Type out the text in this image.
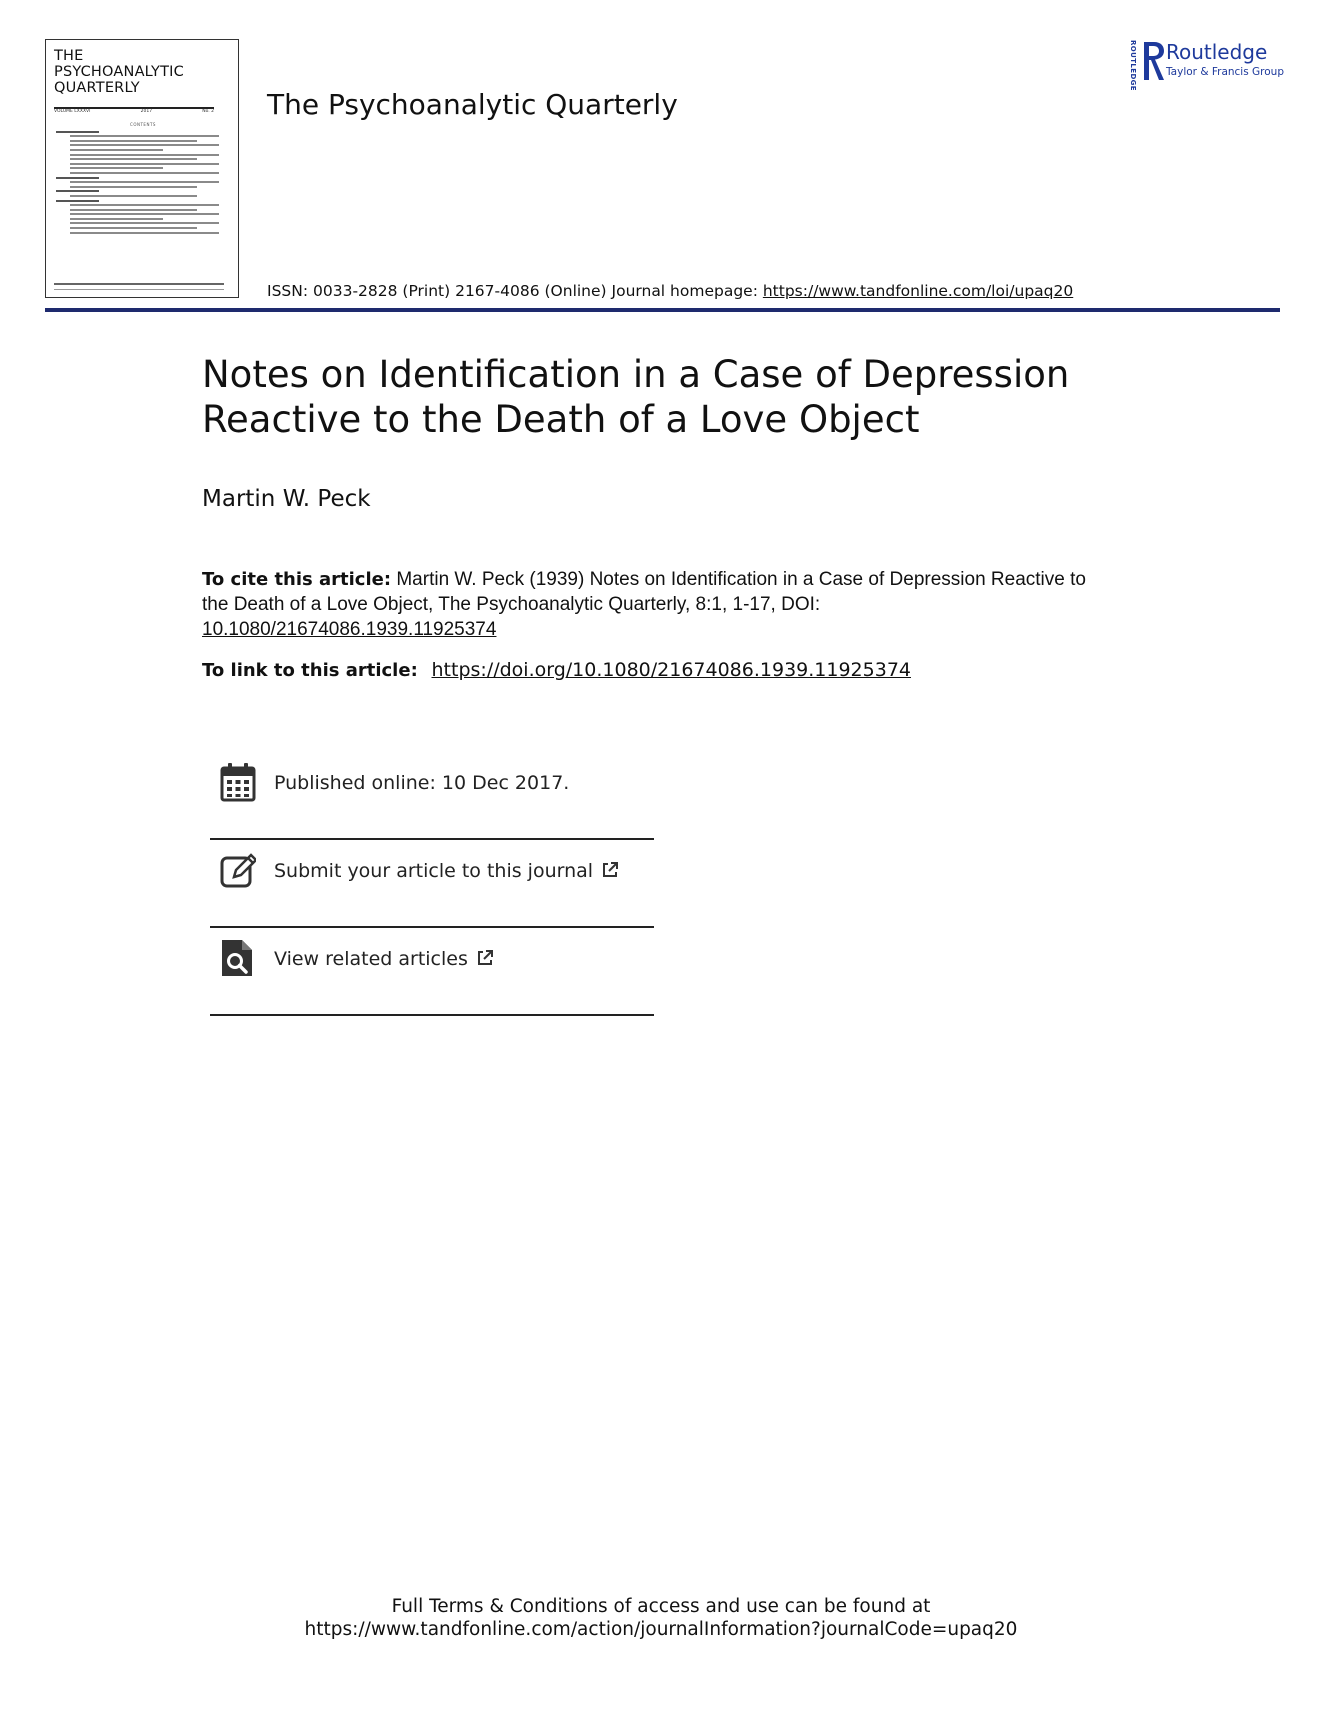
THE
PSYCHOANALYTIC
QUARTERLY
VOLUME LXXXVI	2017	No. 2
CONTENTS
The Psychoanalytic Quarterly
ISSN: 0033-2828 (Print) 2167-4086 (Online) Journal homepage: https://www.tandfonline.com/loi/upaq20
ROUTLEDGE Routledge
Taylor & Francis Group
Notes on Identification in a Case of Depression
Reactive to the Death of a Love Object
Martin W. Peck
To cite this article: Martin W. Peck (1939) Notes on Identification in a Case of Depression Reactive to the Death of a Love Object, The Psychoanalytic Quarterly, 8:1, 1-17, DOI:
10.1080/21674086.1939.11925374
To link to this article: https://doi.org/10.1080/21674086.1939.11925374
Published online: 10 Dec 2017.
Submit your article to this journal
View related articles
Full Terms & Conditions of access and use can be found at
https://www.tandfonline.com/action/journalInformation?journalCode=upaq20
